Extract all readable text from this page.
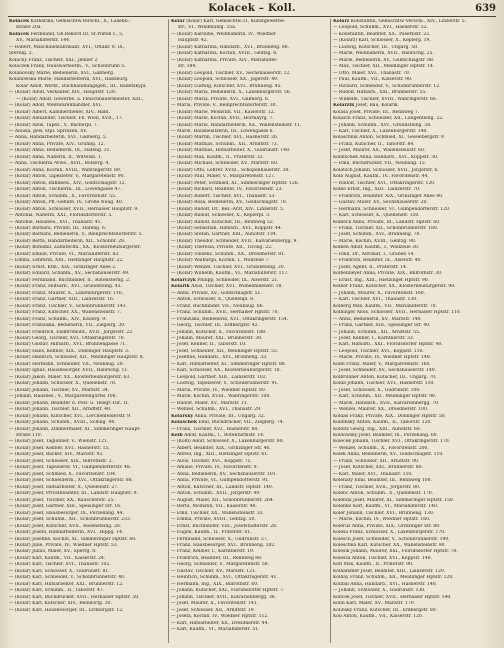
Kolacek – Koll.	639
Kolacek Katharina, Gemischtw.Verschl., X., Laxenb.-
straße 20a.
Kolacek Ferdinand, Gh.Rekord III, St.Pölten I., 5,
XV., Mariahilferstr. 144.
— Robert, Maschinenfabrikant, XVI., Ottakr. 8. IX.,
Sternlg. 2.
Kolacny Franz, Tischler, XXI., Jenner 2.
Kolaczek Franz, Hauswarteerm., V., Schönbrunn 5.
Kolanovsky Marie, Bedienerin, XVI., Gaßnerg.
Kolanowska Marie, Handarbeiterin, XVI., Habsburg.
Kolar Adolf, Werkf., Buchhandlungsgeh., III., Radetzkypl.
— (Kolar) Adolf, Verkäufer, XIV., Hauptstr. 129.
— (Kolar) Adolf, Gewerbe, a. Fleischhauermeister, XIII.,
— (Kolar) Adolf, Weißwarenhändler, XVI.
— (Kolar) Albert, Kammerdiener, XIV., Haßl.
— (Kolar) Alexander, Tischler, Fb. Wien, XVII., 17.
— (Kolar) Alois, Tapez., V., Bacherpl. 7.
— Aloisia, gew. Stpl. Sprinzen, XV.
— Anna, Handarbeiterin, XVI., Gaßnerg. 5.
— (Kolar) Anna, Private, XIV., Grünbg. 12.
— (Kolar) Anna, Bedienerin, III., Hafeng. 31.
— (Kolar) Anna, Näherin, II., Wittelsb. 1.
— Anna, Tischlerm.-Wwe., XVII., Rötzerg. 4.
— (Kolar) Anna, Köchin, XVIII., Währingerstr. 89.
— (Kolar) Anton, Tapezierer, V., Margaretenstr. 90.
— (Kolar) Anton, Bahnbed., XIV., Goldschlagstr. 12.
— (Kolar) Anton, Tischlerm., III., Löwengasse 47.
— (Kolar) Anton, Schuhm., X., Favoritenstr. 55.
— (Kolar) Anton, Pfl.-Gehilfe, IV., Große Neug. 40.
— (Kolar) Anton, Schlosser, XVII., Hernalser Hauptstr. 9.
— Antonia, Näherin, XXI., Floridsdorferstr. 5.
— Antonie, Hausbes., XVI., Thaliastr. 41.
— (Kolar) Barbara, Private, III., Hafeng. 6.
— (Kolar) Barbara, Bedienerin, V., Reinprechtsdorferstr. 5.
— (Kolar) Berta, Handarbeiterin, XII., Schönbr. 28.
— (Kolar) Bohumil, Zahntechn., XX., Klosterneuburgerstr.
— (Kolar) Emilie, Private, VI., Mariahilferstr. 83.
— Emma, Lehrerin, XIII., Hietzinger Hauptstr. 22.
— (Kolar) Ernst, Kfm., XIX., Grinzinger Allee 2.
— (Kolar) Eduard, Schuhm., XV., Sechshauserstr. 49.
— (Kolar) Ferdinand, Buchbinder, II., Rotensterng. 2.
— (Kolar) Franz, Hilfsarb., XVI., Grundsteing. 43.
— (Kolar) Franz, Maurer, X., Laxenburgerstr. 116.
— (Kolar) Franz, Gärtner, XIII., Lainzerstr. 16.
— (Kolar) Franz, Tischler, V., Schönbrunnerstr. 141.
— (Kolar) Franz, Kutscher, XX., Wallensteinstr. 7.
— (Kolar) Franz, Schuhm., XIV., Kauerg. 9.
— (Kolar) Franziska, Bedienerin, VII., Zieglerg. 30.
— (Kolar) Friedrich, Elektromont., XVII., Jörgerstr. 22.
— (Kolar) Georg, Tischler, XVI., Ottakringerstr. 70.
— (Kolar) Gustav, Hilfsarb., XVI., Brunnengasse 71.
— (Kolar) Hans, Kellner, XIX., Döblinger Hauptstr. 3.
— (Kolar) Heinrich, Schlosser, XII., Meidlinger Hauptstr. 8.
— (Kolar) Hermann, Schneider, VII., Neubaug. 29.
— (Kolar) Ignaz, Hausbesorger, XVII., Halirschg. 11.
— (Kolar) Jakob, Maler, XX., Klosterneuburgerstr. 63.
— (Kolar) Johann, Schlosser, X., Quellenstr. 78.
— (Kolar) Johann, Tischler, XV., Märzstr. 34.
— Johann, Hausbes., V., Margaretengürtel 108.
— (Kolar) Johann, Beamter d. Post- u. Telegr.-Dir., II.
— (Kolar) Johann, Tischler, XII., Arndtstr. 40.
— (Kolar) Johann, Kutscher, XVI., Lerchenfelderstr. 9.
— (Kolar) Johann, Schuhm., XVIII., Schulg. 44.
— (Kolar) Johann, Zimmermaler, XI., Simmeringer Haupt-
straße 110.
— (Kolar) Josef, Taglöhner, V., Wienstr. 121.
— (Kolar) Josef, Kellner, XVI., Hasnerstr. 15.
— (Kolar) Josef, Bäcker, XIV., Märzstr. 92.
— (Kolar) Josef, Schlosser, XIX., Billrothstr. 2.
— (Kolar) Josef, Tapezierer, VI., Gumpendorferstr. 48.
— (Kolar) Josef, Schmied, X., Favoritenstr. 104.
— (Kolar) Josef, Schneiderm., XVI., Ottakringerstr. 88.
— (Kolar) Josef, Hilfsarbeiter, X., Quellenstr. 27.
— (Kolar) Josef, Privatbeamter, III., Landstr. Hauptstr. 9.
— (Kolar) Josef, Tischler, XX., Rauscherstr. 25.
— (Kolar) Josef, Gärtner, XIII., Speisinger Str. 16.
— (Kolar) Josef, Hausbesorger, IX., Porzellang. 44.
— (Kolar) Josef, Schuhm., XII., Schönbrunnerstr. 233.
— (Kolar) Josef, Kutscher, XVII., Rosensteing. 28.
— (Kolar) Josefa, Handarbeiterin, XVI., Hippg. 14.
— (Kolar) Josefine, Köchin, XI., Simmeringer Hptstr. 60.
— (Kolar) Julie, Private, IV., Wiedner Hptstr. 53.
— (Kolar) Julius, Maler, XV., Sperrg. 8.
— (Kolar) Karl, Kaufm., VII., Kaiserstr. 24.
— (Kolar) Karl, Tischler, XVI., Thaliastr. 102.
— (Kolar) Karl, Schlosser, X., Gudrunstr. 81.
— (Kolar) Karl, Schneider, V., Schönbrunnerstr. 40.
— (Kolar) Karl, Hilfsarbeiter, XXI., Brünnerstr. 12.
— (Kolar) Karl, Schuhm., II., Taborstr. 47.
— (Kolar) Karl, Buchdrucker, XVII., Hernalser Hptstr. 50.
— (Kolar) Karl, Kutscher, XIV., Reindorfg. 30.
— (Kolar) Karl, Hausbesorger, III., Erdbergstr. 12.
Kolar (Kolar) Karl, Gemischtw.31, Kunstgewerbe-
str., VI., Windmühlg. 35a.
— (Kolar) Karoline, Weißnäherin, IV., Wiedner
Hauptstr. 42.
— (Kolar) Katharina, Handarb., XVI., Brunneng. 88.
— (Kolar) Katharina, Köchin, XVIII., Gentzg. 8.
— (Kolar) Katharina, Private, XIV., Mariahilfer-
str. 184.
— (Kolar) Leopold, Tischler, XV., Sechshauserstr. 12.
— (Kolar) Leopold, Schlosser, XX., Jägerstr. 49.
— (Kolar) Ludwig, Kutscher, XVI., Brunneng. 45.
— (Kolar) Maria, Bedienerin, X., Laxenburgerstr. 56.
— (Kolar) Maria, Private, XVI., Gaßnerg. 6.
— Maria, Private, V., Reinprechtsdorferstr. 30.
— (Kolar) Marie, Modistin, VII., Kaiserstr. 12.
— (Kolar) Marie, Köchin, XVII., Hormayrg. 7.
— (Kolar) Marie, Handarbeiterin, XX., Wallensteinstr. 11.
— Marie, Hausbesitzerin, III., Löwengasse 6.
— (Kolar) Martin, Tischler, XVI., Hasnerstr. 26.
— (Kolar) Mathias, Schuhm., XII., Arndtstr. 73.
— (Kolar) Mathias, Hilfsarbeiter, X., Gudrunstr. 148.
— (Kolar) Max, Kaufm., II., Praterstr. 32.
— (Kolar) Michael, Schneider, XV., Märzstr. 60.
— (Kolar) Otto, Lehrer, XVIII., Schopenhauerstr. 38.
— (Kolar) Paul, Maler, V., Margaretenstr. 127.
— (Kolar) Peter, Schmied, XI., Simmeringer Hptstr. 126.
— (Kolar) Richard, Beamter, IV., Favoritenstr. 23.
— (Kolar) Robert, Tischler, XVI., Thaliastr. 53.
— (Kolar) Rosa, Bedienerin, XV., Goldschlagstr. 70.
— (Kolar) Rudolf, Dr., Bez.-Arzt, XIV., Linzerstr. 5.
— (Kolar) Rudolf, Schlosser, X., Keplerpl. 3.
— (Kolar) Rudolf, Kutscher, III., Rennweg 52.
— (Kolar) Sebastian, Hilfsarb., XVI., Koppstr. 44.
— (Kolar) Stefan, Gärtner, XIII., Auhofstr. 134.
— (Kolar) Theodor, Schneider, XVII., Kalvarienbergg. 9.
— (Kolar) Theresia, Private, XII., Tivolig. 22.
— (Kolar) Vinzenz, Schuhm., XX., Dresdnerstr. 81.
— (Kolar) Walburga, Köchin, I., Wollzeile 7.
— (Kolar) Wenzel, Tischler, XVI., Grundsteing. 20.
— (Kolar) Wilhelm, Kaufm., VI., Mariahilferstr. 117.
Kolarczyk Philipp, Schneider, IX., Alserstr. 21.
Kolarik Alois, Tischler, XVI., Wilhelminenstr. 18.
— Anna, Private, XV., Goldschlagstr. 51.
— Anton, Schlosser, X., Quellenpl. 8.
— Franz, Buchbinder, VII., Neubaug. 66.
— Franz, Schuhm., XVII., Hernalser Hptstr. 70.
— Franziska, Bedienerin, XVI., Ottakringerstr. 154.
— Georg, Tischler, III., Erdbergstr. 42.
— Johann, Kutscher, X., Favoritenstr. 188.
— Johann, Maurer, XXI., Brünnerstr. 38.
— Josef, Kellner, II., Taborstr. 10.
— Josef, Schneider, XII., Meidlinger Hptstr. 55.
— Josefine, Handarb., XVI., Brunneng. 33.
— Karl, Hilfsarbeiter, XI., Simmeringer Hptstr. 88.
— Karl, Schlosser, XX., Klosterneuburgerstr. 18.
— Leopold, Gärtner, XIII., Lainzerstr. 102.
— Ludwig, Tapezierer, V., Schönbrunnerstr. 91.
— Maria, Private, IV., Wiedner Hptstr. 80.
— Marie, Köchin, XVIII., Währingerstr. 108.
— Rudolf, Maler, XV., Märzstr. 11.
— Wenzel, Schuhm., XVI., Thaliastr. 29.
Kolarsky Anna, Private, III., Ungarg. 32.
Kolaschek Emil, Buchdrucker, VII., Zieglerg. 74.
— Franz, Tischler, XVI., Hasnerstr. 80.
Kolb Adolf, Kaufm., I., Rotenturmstr. 14.
— (Kolb) Adolf, Schlosser, X., Laxenburgerstr. 80.
— Albert, Beamter, XIX., Grinzinger Str. 46.
— Alfred, Ing., XIII., Hietzinger Hptstr. 61.
— Alois, Tischler, XVI., Koppstr. 75.
— Amalie, Private, IV., Favoritenstr. 9.
— Anna, Bedienerin, XV., Sechshauserstr. 101.
— Anna, Private, VI., Gumpendorferstr. 91.
— Anton, Kutscher, III., Landstr. Hptstr. 140.
— Anton, Schuhm., XVII., Jörgerstr. 49.
— August, Maler, XII., Schönbrunnerstr. 264.
— Berta, Modistin, VII., Kaiserstr. 48.
— Emil, Tischler, XX., Wallensteinstr. 33.
— Emma, Private, XVIII., Gentzg. 50.
— Ernst, Buchbinder, VIII., Josefstädterstr. 28.
— Eugen, Kaufm., II., Praterstr. 61.
— Ferdinand, Schlosser, X., Gudrunstr. 57.
— Franz, Hausbesorger, XVI., Brunneng. 102.
— Franz, Kellner, I., Kärntnerstr. 19.
— Friedrich, Beamter, III., Rennweg 88.
— Georg, Schneider, V., Margaretenstr. 58.
— Gustav, Tischler, XV., Märzstr. 121.
— Heinrich, Schuhm., XVI., Ottakringerstr. 41.
— Hermann, Ing., XIX., Billrothstr. 60.
— Johann, Kutscher, XXI., Floridsdorfer Hptstr. 7.
— Johann, Tischler, XVII., Kalvarienbergg. 36.
— Josef, Maurer, X., Favoritenstr. 141.
— Josef, Schlosser, XII., Arndtstr. 19.
— Josefa, Köchin, IV., Wiedner Hptstr. 112.
— Karl, Hilfsarbeiter, XX., Dresdnerstr. 44.
— Karl, Kaufm., VI., Mariahilferstr. 51.
Kolarz Konstantin, Gemischtw.-Verschl., XIV., Linzerstr. 5.
— Leopold, Schuhm., XVI., Hasnerstr. 52.
— Konstantin, Beamter, XX., Pasettistr. 22.
— (Kolarz) Karl, Schlosser, X., Keplerg. 19.
— Ludwig, Kutscher, III., Ungarg. 50.
— Marie, Weißnäherin, XVII., Halirschg. 25.
— Marie, Bedienerin, XV., Goldschlagstr. 88.
— Max, Tischler, XII., Meidlinger Hptstr. 14.
— Otto, Maler, XVI., Thaliastr. 70.
— Paul, Kaufm., VII., Kaiserstr. 90.
— Richard, Schneider, V., Schönbrunnerstr. 12.
— Rudolf, Hilfsarb., XXI., Brünnerstr. 55.
— Wilhelm, Tischler, XVIII., Währingerstr. 66.
Kolaržik Josef, Bau, Kolarik.
Kolasa Josef, Private, III., Rennweg 7.
Kolasch Franz, Schneider, XII., Längenfeldg. 22.
— Johann, Schuhm., XVI., Grundsteing. 58.
— Karl, Tischler, X., Laxenburgerstr. 140.
Kolaschnik Anton, Schmied, XI., Geiselbergstr. 9.
— Franz, Kutscher, II., Taborstr. 84.
— Josef, Maurer, XX., Wallensteinstr. 60.
Kolatschek Anna, Handarb., XVI., Koppstr. 30.
— Emil, Buchdrucker, VII., Neubaug. 12.
Kolatsch Johann, Schlosser, XVII., Jörgerstr. 6.
Kolb August, Kaufm., IV., Favoritenstr. 44.
— Rudolf, Tischler, XVI., Ottakringerstr. 120.
Kolbe Ernst, Ing., XIII., Lainzerstr. 70.
— Friedrich, Beamter, XIX., Grinzinger Allee 40.
— Gustav, Maler, XV., Sechshauserstr. 20.
— Hermann, Schneider, VI., Gumpendorferstr. 120.
— Karl, Schlosser, X., Quellenstr. 150.
Kolbeck Anna, Private, III., Landstr. Hptstr. 60.
— Franz, Tischler, XII., Schönbrunnerstr. 180.
— Josef, Schuhm., XVI., Brunneng. 70.
— Marie, Köchin, XVIII., Gentzg. 90.
Kolben Adolf, Kaufm., I., Wollzeile 30.
— Emil, Dr., Advokat, I., Graben 14.
— Friedrich, Beamter, IX., Alserstr. 40.
— Josef, Agent, II., Praterstr. 14.
Kolbenheyer Anna, Private, XIX., Billrothstr. 30.
— Ernst, Ing., XIII., Hietzinger Hptstr. 90.
Kolber Franz, Kutscher, XX., Klosterneuburgerstr. 90.
— Johann, Maurer, X., Favoritenstr. 160.
— Karl, Tischler, XVI., Thaliastr. 130.
Kolberg Max, Kaufm., VII., Mariahilferstr. 70.
Kolbinger Alois, Schlosser, XVII., Hernalser Hptstr. 110.
— Anna, Bedienerin, XV., Märzstr. 140.
— Franz, Gärtner, XIII., Speisinger Str. 40.
— Johann, Schuhm., XII., Arndtstr. 55.
— Josef, Kellner, I., Kärntnerstr. 33.
— Karl, Hilfsarb., XXI., Floridsdorfer Hptstr. 40.
— Leopold, Tischler, XVI., Koppstr. 110.
— Marie, Private, IV., Wiedner Hptstr. 140.
Kolbl Franz, Maler, V., Margaretenstr. 160.
— Josef, Schneider, XV., Sechshauserstr. 140.
Kolbrunner Anton, Kutscher, III., Ungarg. 70.
Kolda Johann, Tischler, XVI., Hasnerstr. 110.
— Josef, Schlosser, X., Gudrunstr. 100.
— Karl, Schuhm., XII., Meidlinger Hptstr. 90.
— Marie, Handarb., XVII., Kalvarienbergg. 70.
— Wenzel, Maurer, XX., Dresdnerstr. 100.
Koldas Franz, Private, XIX., Döblinger Hptstr. 50.
Koldinsky Anton, Kaufm., II., Taborstr. 120.
Kolditz Georg, Ing., XIII., Auhofstr. 60.
Koldowsky Josef, Beamter, IX., Porzellang. 60.
Kolecek Johann, Tischler, XVI., Ottakringerstr. 170.
— Wenzel, Schuhm., X., Favoritenstr. 200.
Kolek Anna, Bedienerin, XV., Goldschlagstr. 110.
— Franz, Schlosser, XII., Arndtstr. 90.
— Josef, Kutscher, XXI., Brünnerstr. 80.
— Karl, Maler, XVI., Thaliastr. 150.
Kolenaty Emil, Beamter, III., Rennweg 100.
— Franz, Tischler, XVII., Jörgerstr. 80.
Kolenc Anton, Schuhm., X., Quellenstr. 170.
Kolenda Josef, Maurer, XI., Simmeringer Hptstr. 150.
Kolenko Karl, Kaufm., VI., Mariahilferstr. 140.
Koler Johann, Tischler, XVI., Brunneng. 130.
— Marie, Köchin, IV., Wiedner Hptstr. 160.
Kolerus Anna, Private, XIX., Grinzinger Str. 80.
Kolesa Franz, Schlosser, X., Laxenburgerstr. 170.
Kolesch Josef, Schneider, V., Schönbrunnerstr. 190.
Koleschka Karl, Kutscher, XX., Wallensteinstr. 90.
Kolesik Johann, Maurer, XXI., Floridsdorfer Hptstr. 70.
Kolessa Anton, Tischler, XVI., Koppstr. 140.
Kolf Max, Kaufm., II., Praterstr. 90.
Kolhammer Josef, Beamter, XIII., Lainzerstr. 120.
Kolhay Franz, Schuhm., XII., Meidlinger Hptstr. 120.
Kolibal Anna, Handarb., XVI., Hasnerstr. 140.
— Johann, Schlosser, X., Gudrunstr. 130.
Kolicek Josef, Tischler, XVII., Hernalser Hptstr. 140.
Kolin Karl, Maler, XV., Märzstr. 170.
Kolinsky Franz, Kutscher, III., Erdbergstr. 80.
Koll Anton, Kaufm., VII., Kaiserstr. 120.
